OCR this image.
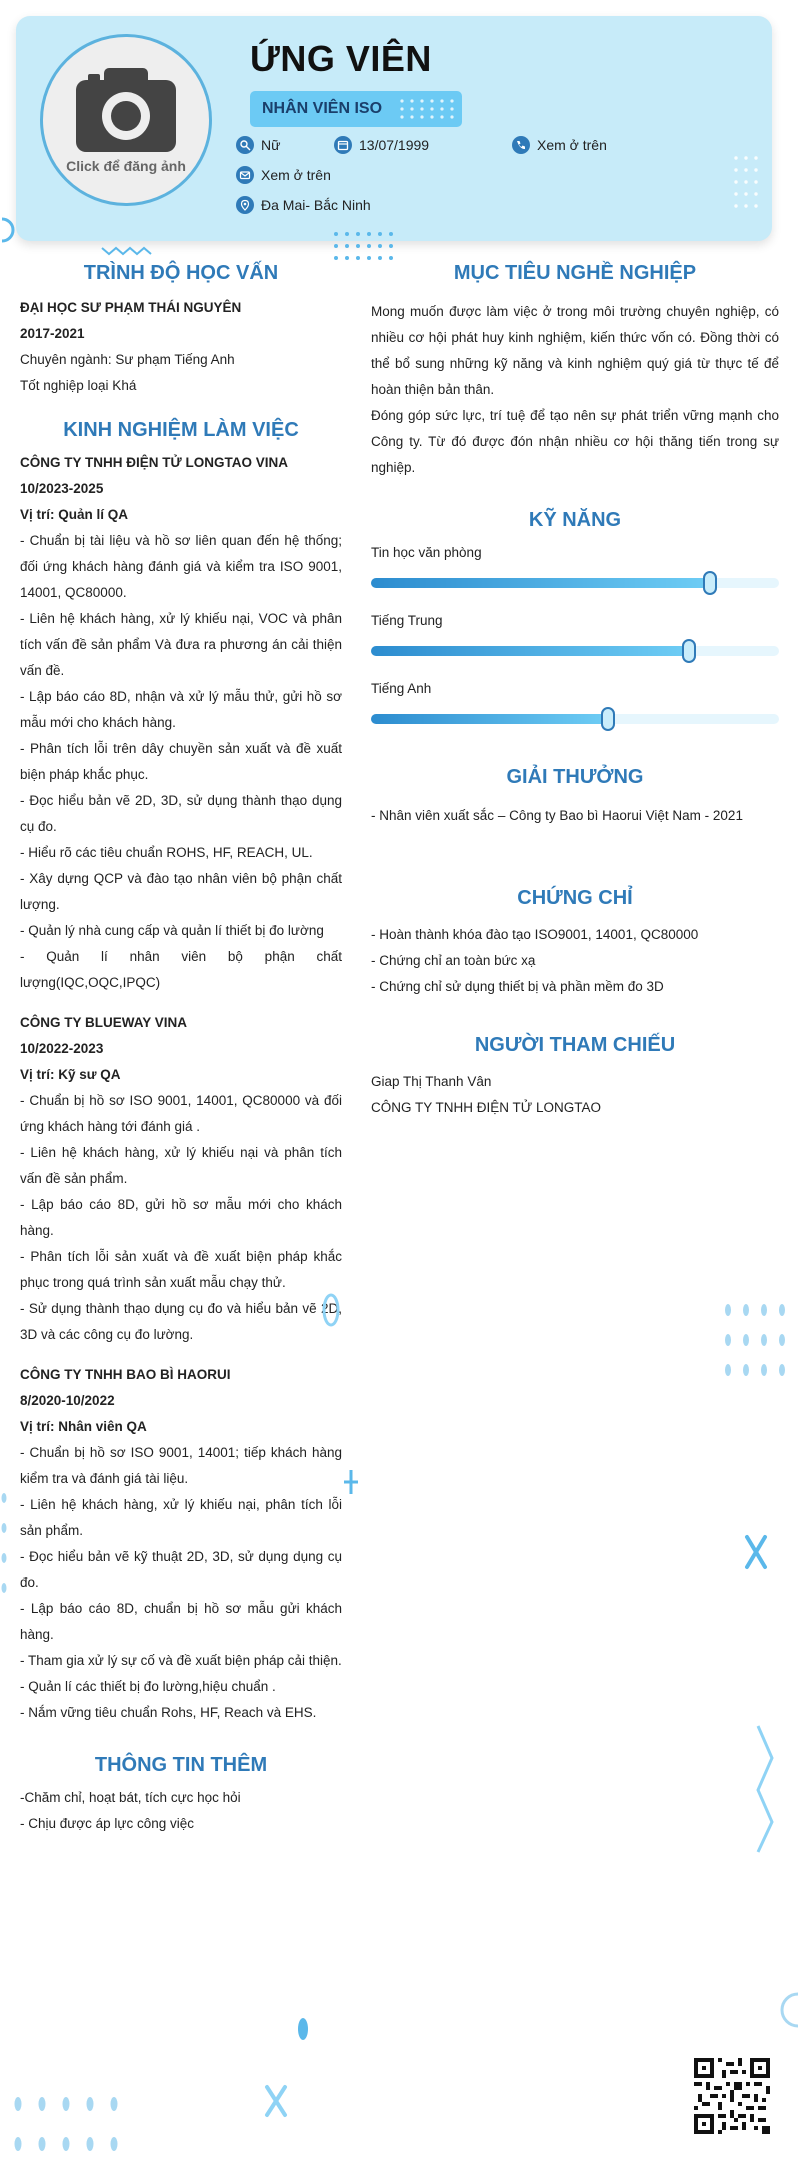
Click để đăng ảnh
ỨNG VIÊN
NHÂN VIÊN ISO
Nữ	13/07/1999	Xem ở trên
Xem ở trên
Đa Mai- Bắc Ninh
TRÌNH ĐỘ HỌC VẤN
ĐẠI HỌC SƯ PHẠM THÁI NGUYÊN
2017-2021
Chuyên ngành: Sư phạm Tiếng Anh
Tốt nghiệp loại Khá
KINH NGHIỆM LÀM VIỆC
CÔNG TY TNHH ĐIỆN TỬ LONGTAO VINA
10/2023-2025
Vị trí: Quản lí QA
- Chuẩn bị tài liệu và hồ sơ liên quan đến hệ thống; đối ứng khách hàng đánh giá và kiểm tra ISO 9001, 14001, QC80000.
- Liên hệ khách hàng, xử lý khiếu nại, VOC và phân tích vấn đề sản phẩm Và đưa ra phương án cải thiện vấn đề.
- Lập báo cáo 8D, nhận và xử lý mẫu thử, gửi hồ sơ mẫu mới cho khách hàng.
- Phân tích lỗi trên dây chuyền sản xuất và đề xuất biện pháp khắc phục.
- Đọc hiểu bản vẽ 2D, 3D, sử dụng thành thạo dụng cụ đo.
- Hiểu rõ các tiêu chuẩn ROHS, HF, REACH, UL.
- Xây dựng QCP và đào tạo nhân viên bộ phận chất lượng.
- Quản lý nhà cung cấp và quản lí thiết bị đo lường
- Quản lí nhân viên bộ phận chất lượng(IQC,OQC,IPQC)
CÔNG TY BLUEWAY VINA
10/2022-2023
Vị trí: Kỹ sư QA
- Chuẩn bị hồ sơ ISO 9001, 14001, QC80000 và đối ứng khách hàng tới đánh giá .
- Liên hệ khách hàng, xử lý khiếu nại và phân tích vấn đề sản phẩm.
- Lập báo cáo 8D, gửi hồ sơ mẫu mới cho khách hàng.
- Phân tích lỗi sản xuất và đề xuất biện pháp khắc phục trong quá trình sản xuất mẫu chạy thử.
- Sử dụng thành thạo dụng cụ đo và hiểu bản vẽ 2D, 3D và các công cụ đo lường.
CÔNG TY TNHH BAO BÌ HAORUI
8/2020-10/2022
Vị trí: Nhân viên QA
- Chuẩn bị hồ sơ ISO 9001, 14001; tiếp khách hàng kiểm tra và đánh giá tài liệu.
- Liên hệ khách hàng, xử lý khiếu nại, phân tích lỗi sản phẩm.
- Đọc hiểu bản vẽ kỹ thuật 2D, 3D, sử dụng dụng cụ đo.
- Lập báo cáo 8D, chuẩn bị hồ sơ mẫu gửi khách hàng.
- Tham gia xử lý sự cố và đề xuất biện pháp cải thiện.
- Quản lí các thiết bị đo lường,hiệu chuẩn .
- Nắm vững tiêu chuẩn Rohs, HF, Reach và EHS.
THÔNG TIN THÊM
-Chăm chỉ, hoạt bát, tích cực học hỏi
- Chịu được áp lực công việc
MỤC TIÊU NGHỀ NGHIỆP
Mong muốn được làm việc ở trong môi trường chuyên nghiệp, có nhiều cơ hội phát huy kinh nghiệm, kiến thức vốn có. Đồng thời có thể bổ sung những kỹ năng và kinh nghiệm quý giá từ thực tế để hoàn thiện bản thân.
Đóng góp sức lực, trí tuệ để tạo nên sự phát triển vững mạnh cho Công ty. Từ đó được đón nhận nhiều cơ hội thăng tiến trong sự nghiệp.
KỸ NĂNG
Tin học văn phòng
Tiếng Trung
Tiếng Anh
GIẢI THƯỞNG
- Nhân viên xuất sắc – Công ty Bao bì Haorui Việt Nam - 2021
CHỨNG CHỈ
- Hoàn thành khóa đào tạo ISO9001, 14001, QC80000
- Chứng chỉ an toàn bức xạ
- Chứng chỉ sử dụng thiết bị và phần mềm đo 3D
NGƯỜI THAM CHIẾU
Giap Thị Thanh Vân
CÔNG TY TNHH ĐIỆN TỬ LONGTAO
